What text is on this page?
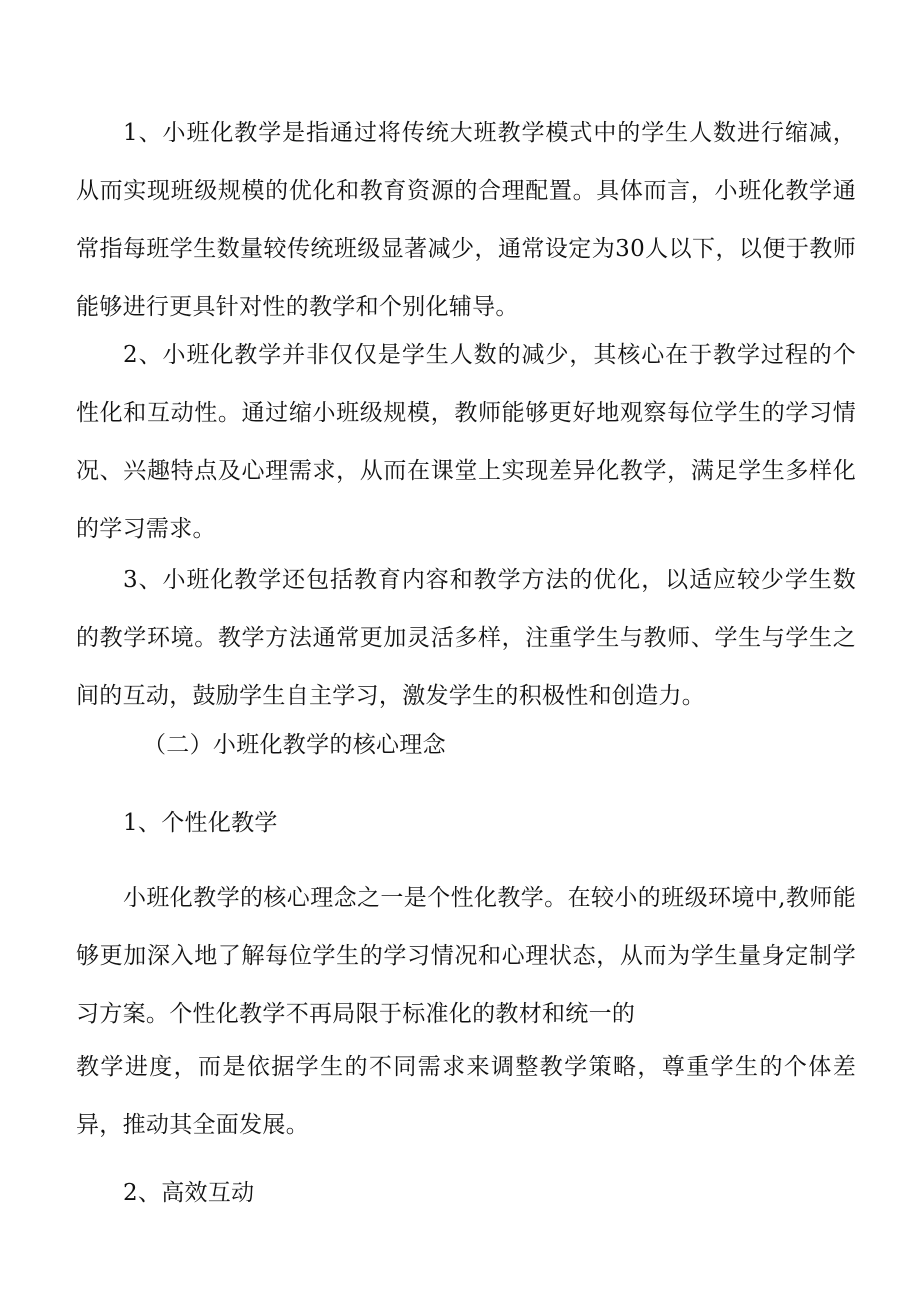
1、小班化教学是指通过将传统大班教学模式中的学生人数进行缩减，从而实现班级规模的优化和教育资源的合理配置。具体而言，小班化教学通常指每班学生数量较传统班级显著减少，通常设定为30人以下，以便于教师能够进行更具针对性的教学和个别化辅导。

2、小班化教学并非仅仅是学生人数的减少，其核心在于教学过程的个性化和互动性。通过缩小班级规模，教师能够更好地观察每位学生的学习情况、兴趣特点及心理需求，从而在课堂上实现差异化教学，满足学生多样化的学习需求。

3、小班化教学还包括教育内容和教学方法的优化，以适应较少学生数的教学环境。教学方法通常更加灵活多样，注重学生与教师、学生与学生之间的互动，鼓励学生自主学习，激发学生的积极性和创造力。

（二）小班化教学的核心理念

1、个性化教学

小班化教学的核心理念之一是个性化教学。在较小的班级环境中,教师能够更加深入地了解每位学生的学习情况和心理状态，从而为学生量身定制学习方案。个性化教学不再局限于标准化的教材和统一的

教学进度，而是依据学生的不同需求来调整教学策略，尊重学生的个体差异，推动其全面发展。

2、高效互动
